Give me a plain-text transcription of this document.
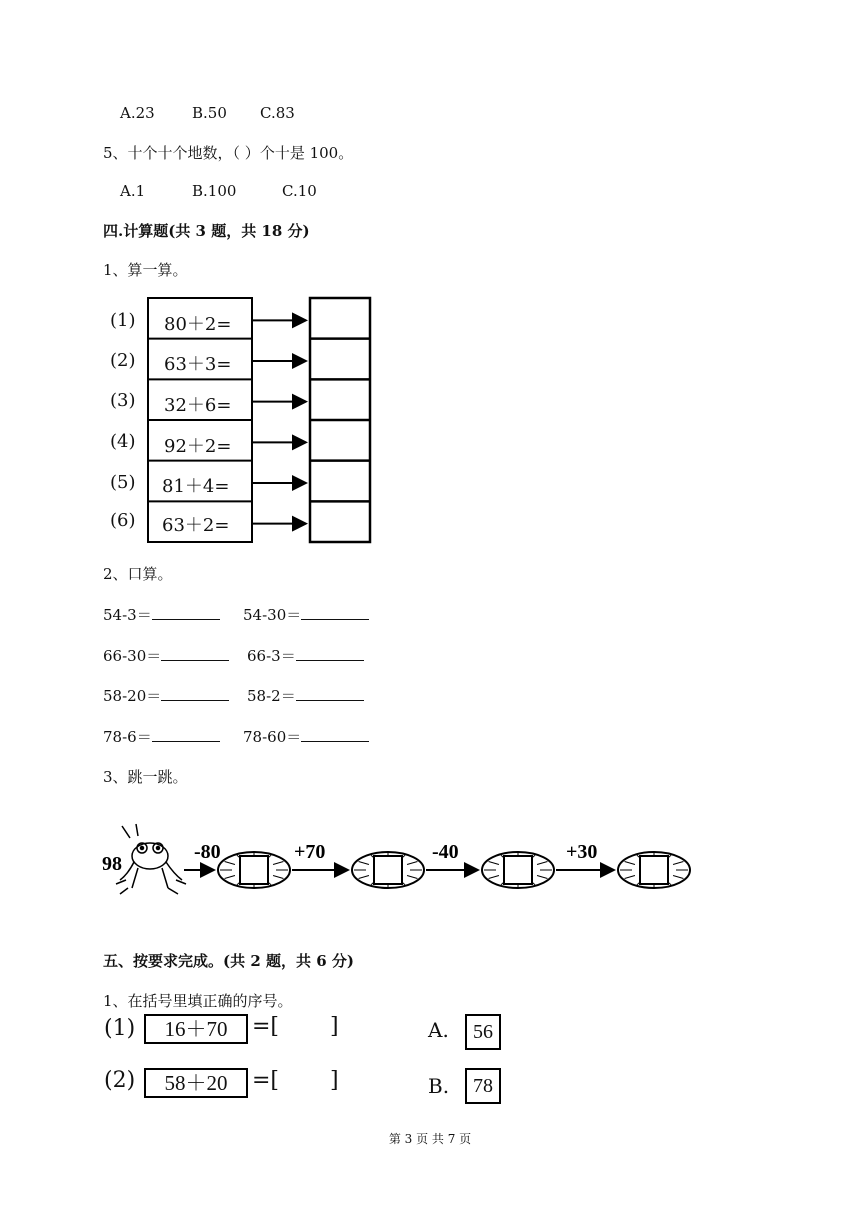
A.23 B.50 C.83
5、十个十个地数，（ ）个十是 100。
A.1	B.100	C.10
四.计算题(共 3 题，共 18 分)
1、算一算。
(1) 80＋2=
(2) 63＋3=
(3) 32＋6=
(4) 92＋2=
(5) 81＋4=
(6) 63＋2=
2、口算。
54-3＝	54-30＝
66-30＝	66-3＝
58-20＝	58-2＝
78-6＝	78-60＝
3、跳一跳。
98
-80	+70	-40	+30
五、按要求完成。(共 2 题，共 6 分)
1、在括号里填正确的序号。
(1)	16＋70	=[ ]	A.	56
(2)	58＋20	=[ ]	B.	78
第 3 页 共 7 页
